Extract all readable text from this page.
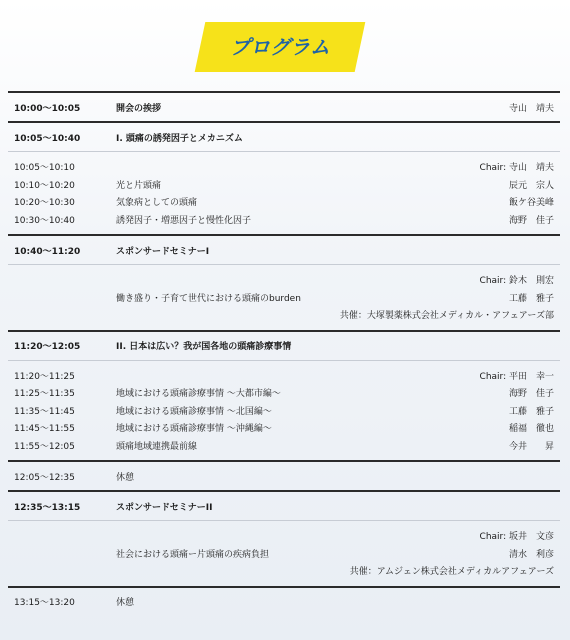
プログラム
10:00〜10:05	開会の挨拶	寺山　靖夫
10:05〜10:40	I. 頭痛の誘発因子とメカニズム
10:05〜10:10	Chair: 寺山　靖夫
10:10〜10:20	光と片頭痛	辰元　宗人
10:20〜10:30	気象病としての頭痛	飯ケ谷美峰
10:30〜10:40	誘発因子・増悪因子と慢性化因子	海野　佳子
10:40〜11:20	スポンサードセミナーI
Chair: 鈴木　則宏
働き盛り・子育て世代における頭痛のburden	工藤　雅子
共催：大塚製薬株式会社メディカル・アフェアーズ部
11:20〜12:05	II. 日本は広い？我が国各地の頭痛診療事情
11:20〜11:25	Chair: 平田　幸一
11:25〜11:35	地域における頭痛診療事情 〜大都市編〜	海野　佳子
11:35〜11:45	地域における頭痛診療事情 〜北国編〜	工藤　雅子
11:45〜11:55	地域における頭痛診療事情 〜沖縄編〜	稲福　徹也
11:55〜12:05	頭痛地域連携最前線	今井　　昇
12:05〜12:35	休憩
12:35〜13:15	スポンサードセミナーII
Chair: 坂井　文彦
社会における頭痛ー片頭痛の疾病負担	清水　利彦
共催：アムジェン株式会社メディカルアフェアーズ
13:15〜13:20	休憩
